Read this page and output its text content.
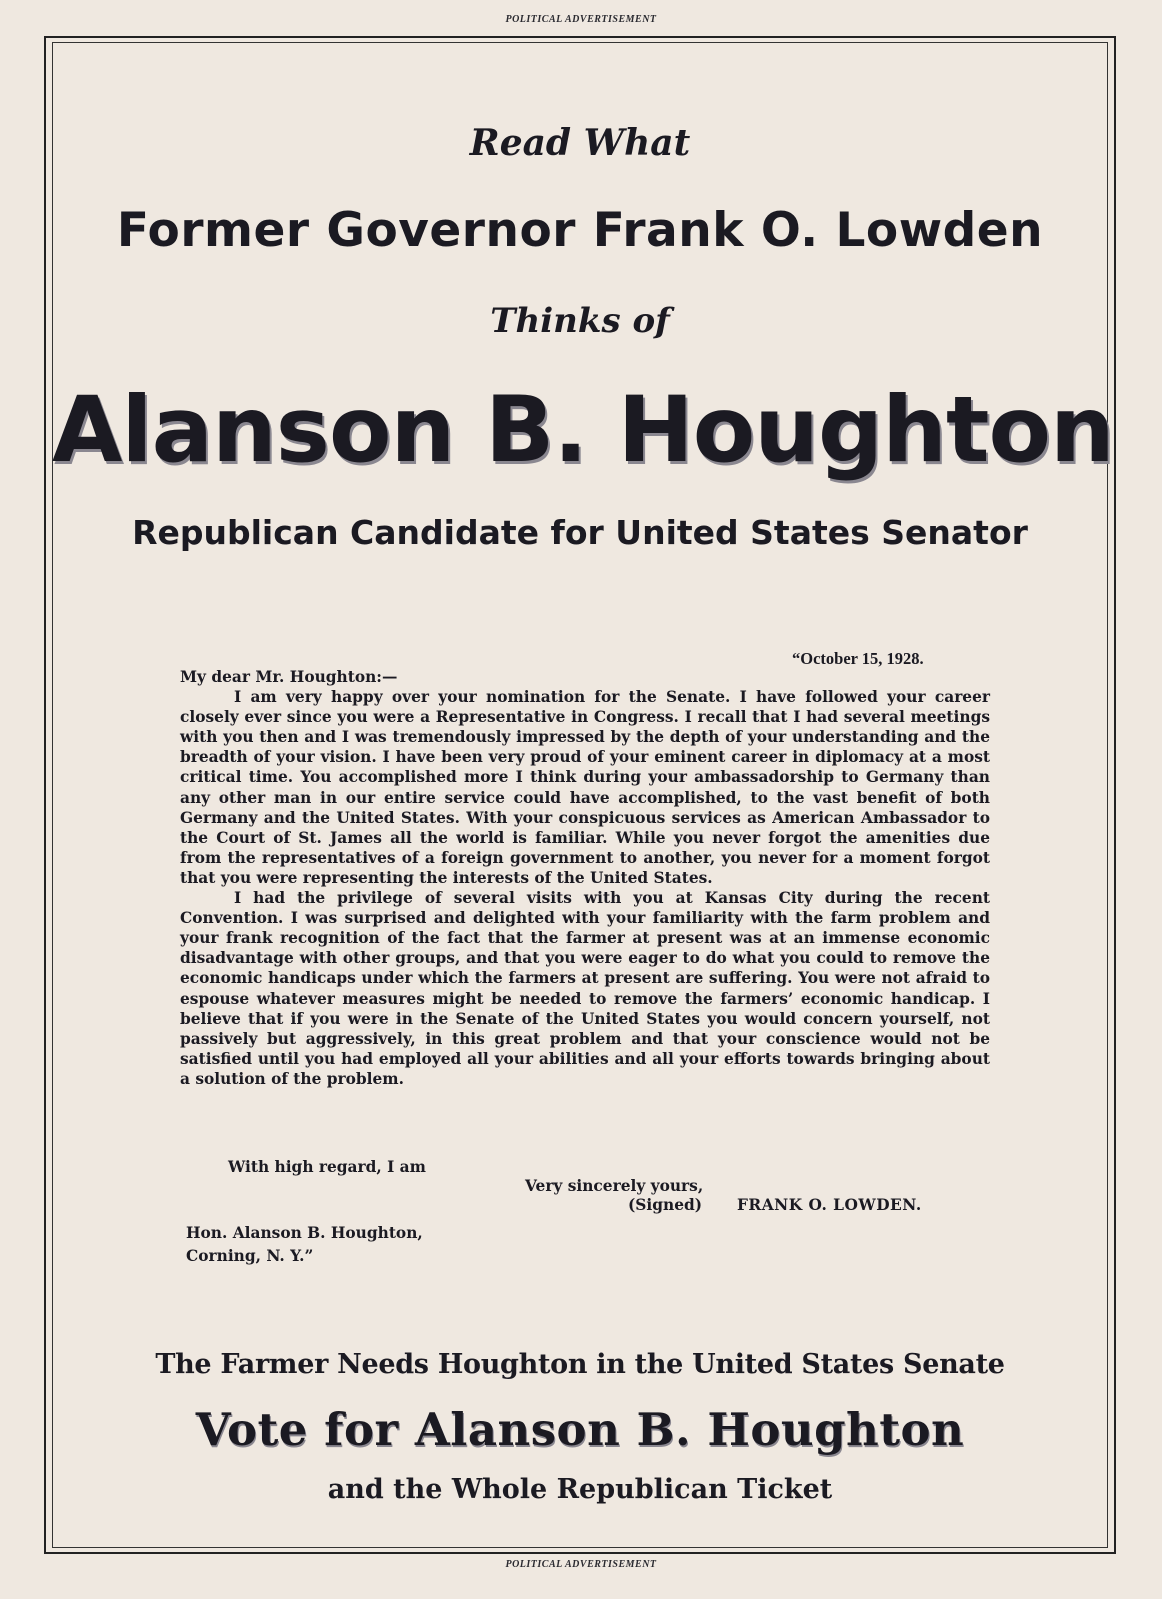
POLITICAL ADVERTISEMENT
Read What
Former Governor Frank O. Lowden
Thinks of
Alanson B. Houghton
Republican Candidate for United States Senator
“October 15, 1928.

My dear Mr. Houghton:—

I am very happy over your nomination for the Senate. I have followed your career closely ever since you were a Representative in Congress. I recall that I had several meetings with you then and I was tremendously impressed by the depth of your understanding and the breadth of your vision. I have been very proud of your eminent career in diplomacy at a most critical time. You accomplished more I think during your ambassadorship to Germany than any other man in our entire service could have accomplished, to the vast benefit of both Germany and the United States. With your conspicuous services as American Ambassador to the Court of St. James all the world is familiar. While you never forgot the amenities due from the representatives of a foreign government to another, you never for a moment forgot that you were representing the interests of the United States.

I had the privilege of several visits with you at Kansas City during the recent Convention. I was surprised and delighted with your familiarity with the farm problem and your frank recognition of the fact that the farmer at present was at an immense economic disadvantage with other groups, and that you were eager to do what you could to remove the economic handicaps under which the farmers at present are suffering. You were not afraid to espouse whatever measures might be needed to remove the farmers’ economic handicap. I believe that if you were in the Senate of the United States you would concern yourself, not passively but aggressively, in this great problem and that your conscience would not be satisfied until you had employed all your abilities and all your efforts towards bringing about a solution of the problem.

With high regard, I am
Very sincerely yours,
(Signed) FRANK O. LOWDEN.
Hon. Alanson B. Houghton,
Corning, N. Y.”
The Farmer Needs Houghton in the United States Senate
Vote for Alanson B. Houghton
and the Whole Republican Ticket
POLITICAL ADVERTISEMENT
